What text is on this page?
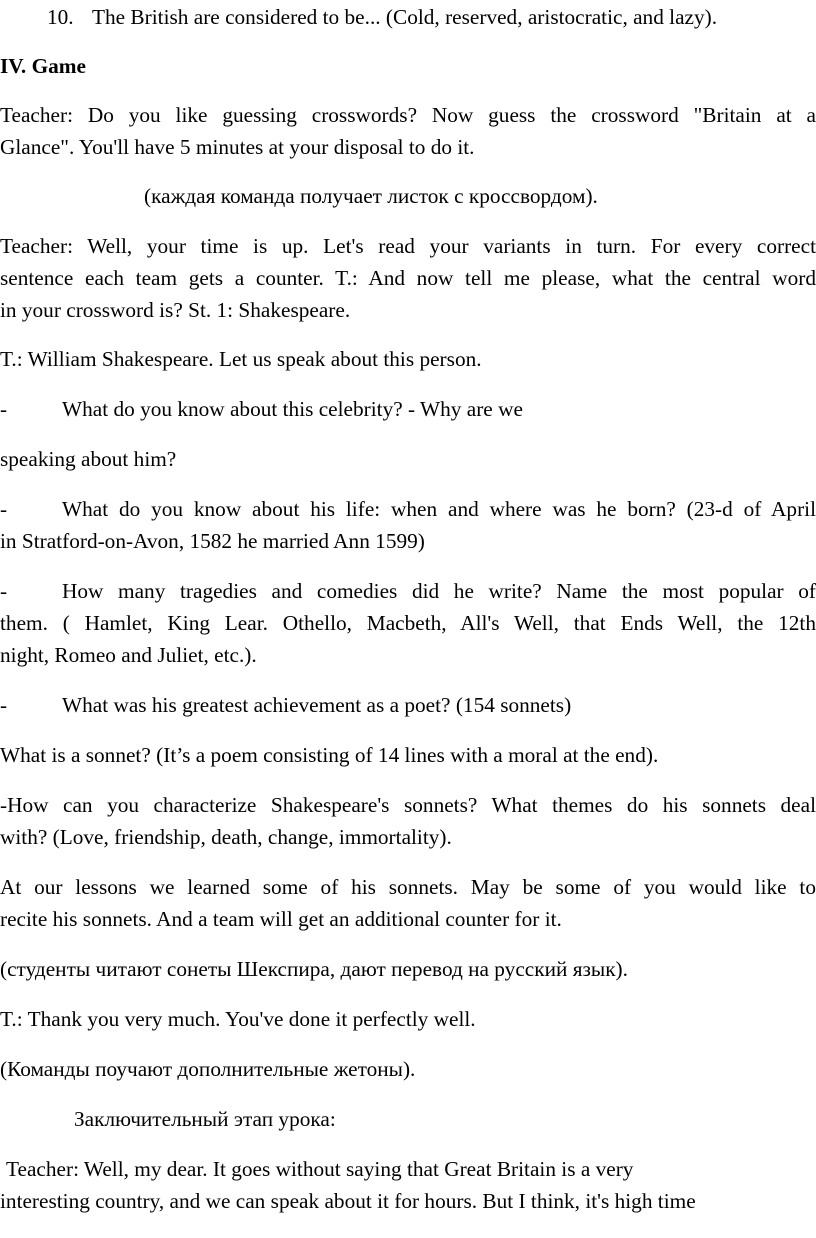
10. The British are considered to be... (Cold, reserved, aristocratic, and lazy).
IV. Game
Teacher: Do you like guessing crosswords? Now guess the crossword "Britain at a
Glance". You'll have 5 minutes at your disposal to do it.
(каждая команда получает листок с кроссвордом).
Teacher: Well, your time is up. Let's read your variants in turn. For every correct
sentence each team gets a counter. T.: And now tell me please, what the central word
in your crossword is? St. 1: Shakespeare.
T.: William Shakespeare. Let us speak about this person.
-	What do you know about this celebrity? - Why are we
speaking about him?
-	What do you know about his life: when and where was he born? (23-d of April
in Stratford-on-Avon, 1582 he married Ann 1599)
-	How many tragedies and comedies did he write? Name the most popular of
them. ( Hamlet, King Lear. Othello, Macbeth, All's Well, that Ends Well, the 12th
night, Romeo and Juliet, etc.).
-	What was his greatest achievement as a poet? (154 sonnets)
What is a sonnet? (It’s a poem consisting of 14 lines with a moral at the end).
-How can you characterize Shakespeare's sonnets? What themes do his sonnets deal
with? (Love, friendship, death, change, immortality).
At our lessons we learned some of his sonnets. May be some of you would like to
recite his sonnets. And a team will get an additional counter for it.
(студенты читают сонеты Шекспира, дают перевод на русский язык).
T.: Thank you very much. You've done it perfectly well.
(Команды поучают дополнительные жетоны).
Заключительный этап урока:
Teacher: Well, my dear. It goes without saying that Great Britain is a very
interesting country, and we can speak about it for hours. But I think, it's high time
